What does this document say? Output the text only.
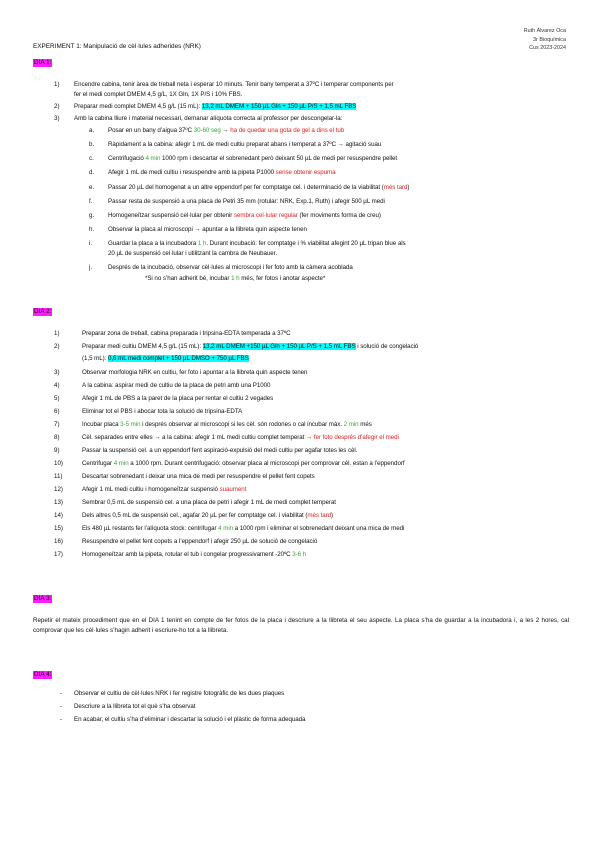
Ruth Álvarez Oca
3r Bioquímica
Cus 2023-2024
EXPERIMENT 1: Manipulació de cèl·lules adherides (NRK)
DIA 1:
1) Encendre cabina, tenir àrea de treball neta i esperar 10 minuts. Tenir bany temperat a 37ºC i temperar components per
fer el medi complet DMEM 4,5 g/L, 1X Gln, 1X P/S i 10% FBS.
2) Preparar medi complet DMEM 4,5 g/L (15 mL): 13,2 mL DMEM + 150 µL Gln + 150 µL P/S + 1,5 mL FBS
3) Amb la cabina lliure i material necessari, demanar alíquota correcta al professor per descongelar-la:
a. Posar en un bany d’aigua 37ºC 30-60 seg → ha de quedar una gota de gel a dins el tub
b. Ràpidament a la cabina: afegir 1 mL de medi cultiu preparat abans i temperat a 37ºC → agitació suau
c. Centrifugació 4 min 1000 rpm i descartar el sobrenedant però deixant 50 µL de medi per resuspendre pellet
d. Afegir 1 mL de medi cultiu i resuspendre amb la pipeta P1000 sense obtenir espuma
e. Passar 20 µL del homogenat a un altre eppendorf per fer comptatge cel. i determinació de la viabilitat (més tard)
f.	Passar resta de suspensió a una placa de Petri 35 mm (rotular: NRK, Exp.1, Ruth) i afegir 500 µL medi
g. Homogeneïtzar suspensió cel·lular per obtenir sembra cel·lular regular (fer moviments forma de creu)
h. Observar la placa al microscopi → apuntar a la llibreta quin aspecte tenen
i.	Guardar la placa a la incubadora 1 h. Durant incubació: fer comptatge i % viabilitat afegint 20 µL tripan blue als
20 µL de suspensió cel·lular i utilitzant la cambra de Neubauer.
j.	Després de la incubació, observar cèl·lules al microscopi i fer foto amb la càmera acoblada
*Si no s’han adherit bé, incubar 1 h més, fer fotos i anotar aspecte*
DIA 2:
1)	Preparar zona de treball, cabina preparada i tripsina-EDTA temperada a 37ºC
2)	Preparar medi cultiu DMEM 4,5 g/L (15 mL): 13,2 mL DMEM +150 µL Gln + 150 µL P/S + 1,5 mL FBS i solució de congelació
(1,5 mL): 0,6 mL medi complet + 150 µL DMSO + 750 µL FBS
3)	Observar morfologia NRK en cultiu, fer foto i apuntar a la llibreta quin aspecte tenen
4)	A la cabina: aspirar medi de cultiu de la placa de petri amb una P1000
5)	Afegir 1 mL de PBS a la paret de la placa per rentar el cultiu 2 vegades
6)	Eliminar tot el PBS i abocar tota la solució de tripsina-EDTA
7)	Incubar placa 3-5 min i després observar al microscopi si les cèl. són rodones o cal incubar màx. 2 min més
8)	Cèl. separades entre elles → a la cabina: afegir 1 mL medi cultiu complet temperat → fer foto després d’afegir el medi
9)	Passar la suspensió cel. a un eppendorf fent aspiració-expulsió del medi cultiu per agafar totes les cèl.
10)	Centrifugar 4 min a 1000 rpm. Durant centrifugació: observar placa al microscopi per comprovar cèl. estan a l’eppendorf
11)	Descartar sobrenedant i deixar una mica de medi per resuspendre el pellet fent copets
12)	Afegir 1 mL medi cultiu i homogeneïtzar suspensió suaument
13)	Sembrar 0,5 mL de suspensió cel. a una placa de petri i afegir 1 mL de medi complet temperat
14)	Dels altres 0,5 mL de suspensió cel., agafar 20 µL per fer comptatge cel. i viabilitat (més tard)
15)	Els 480 µL restants fer l’alíquota stock: centrifugar 4 min a 1000 rpm i eliminar el sobrenedant deixant una mica de medi
16)	Resuspendre el pellet fent copets a l’eppendorf i afegir 250 µL de solució de congelació
17)	Homogeneïtzar amb la pipeta, rotular el tub i congelar progressivament -20ºC 3-6 h
DIA 3:
Repetir el mateix procediment que en el DIA 1 tenint en compte de fer fotos de la placa i descriure a la llibreta el seu aspecte. La placa s’ha de guardar a la incubadora i, a les 2 hores, cal comprovar que les cèl·lules s’hagin adherit i escriure-ho tot a la llibreta.
DIA 4:
- Observar el cultiu de cèl·lules NRK i fer registre fotogràfic de les dues plaques
- Descriure a la llibreta tot el què s’ha observat
- En acabar, el cultiu s’ha d’eliminar i descartar la solució i el plàstic de forma adequada
